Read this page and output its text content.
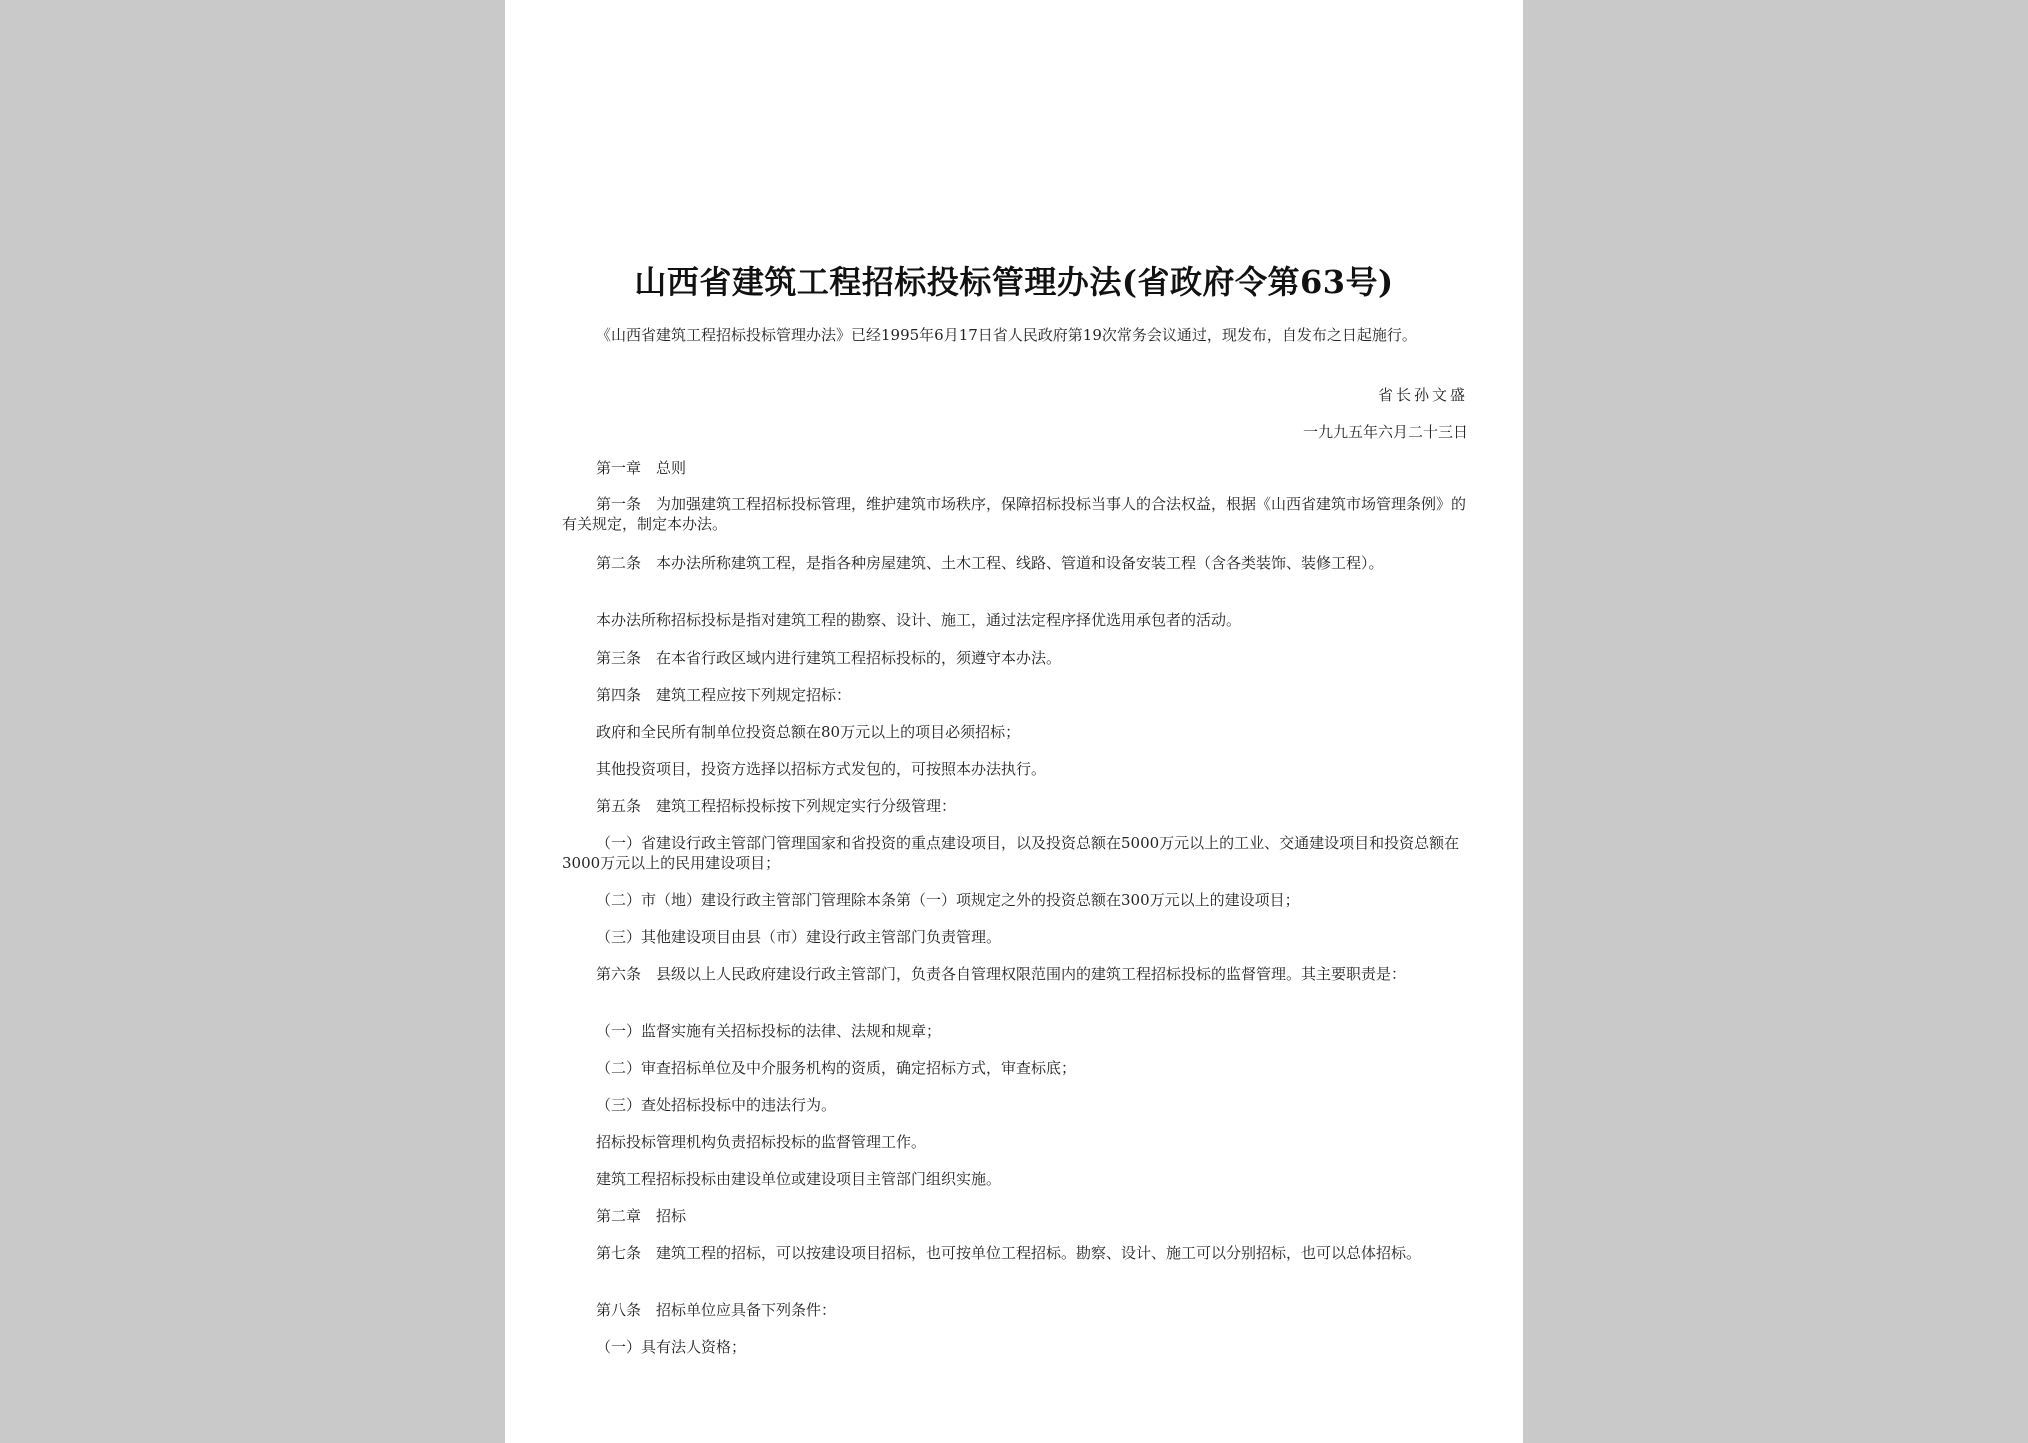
山西省建筑工程招标投标管理办法(省政府令第63号)
《山西省建筑工程招标投标管理办法》已经1995年6月17日省人民政府第19次常务会议通过，现发布，自发布之日起施行。
省长孙文盛
一九九五年六月二十三日
第一章　总则
第一条　为加强建筑工程招标投标管理，维护建筑市场秩序，保障招标投标当事人的合法权益，根据《山西省建筑市场管理条例》的有关规定，制定本办法。
第二条　本办法所称建筑工程，是指各种房屋建筑、土木工程、线路、管道和设备安装工程（含各类装饰、装修工程）。
本办法所称招标投标是指对建筑工程的勘察、设计、施工，通过法定程序择优选用承包者的活动。
第三条　在本省行政区域内进行建筑工程招标投标的，须遵守本办法。
第四条　建筑工程应按下列规定招标：
政府和全民所有制单位投资总额在80万元以上的项目必须招标；
其他投资项目，投资方选择以招标方式发包的，可按照本办法执行。
第五条　建筑工程招标投标按下列规定实行分级管理：
（一）省建设行政主管部门管理国家和省投资的重点建设项目，以及投资总额在5000万元以上的工业、交通建设项目和投资总额在3000万元以上的民用建设项目；
（二）市（地）建设行政主管部门管理除本条第（一）项规定之外的投资总额在300万元以上的建设项目；
（三）其他建设项目由县（市）建设行政主管部门负责管理。
第六条　县级以上人民政府建设行政主管部门，负责各自管理权限范围内的建筑工程招标投标的监督管理。其主要职责是：
（一）监督实施有关招标投标的法律、法规和规章；
（二）审查招标单位及中介服务机构的资质，确定招标方式，审查标底；
（三）查处招标投标中的违法行为。
招标投标管理机构负责招标投标的监督管理工作。
建筑工程招标投标由建设单位或建设项目主管部门组织实施。
第二章　招标
第七条　建筑工程的招标，可以按建设项目招标，也可按单位工程招标。勘察、设计、施工可以分别招标，也可以总体招标。
第八条　招标单位应具备下列条件：
（一）具有法人资格；
